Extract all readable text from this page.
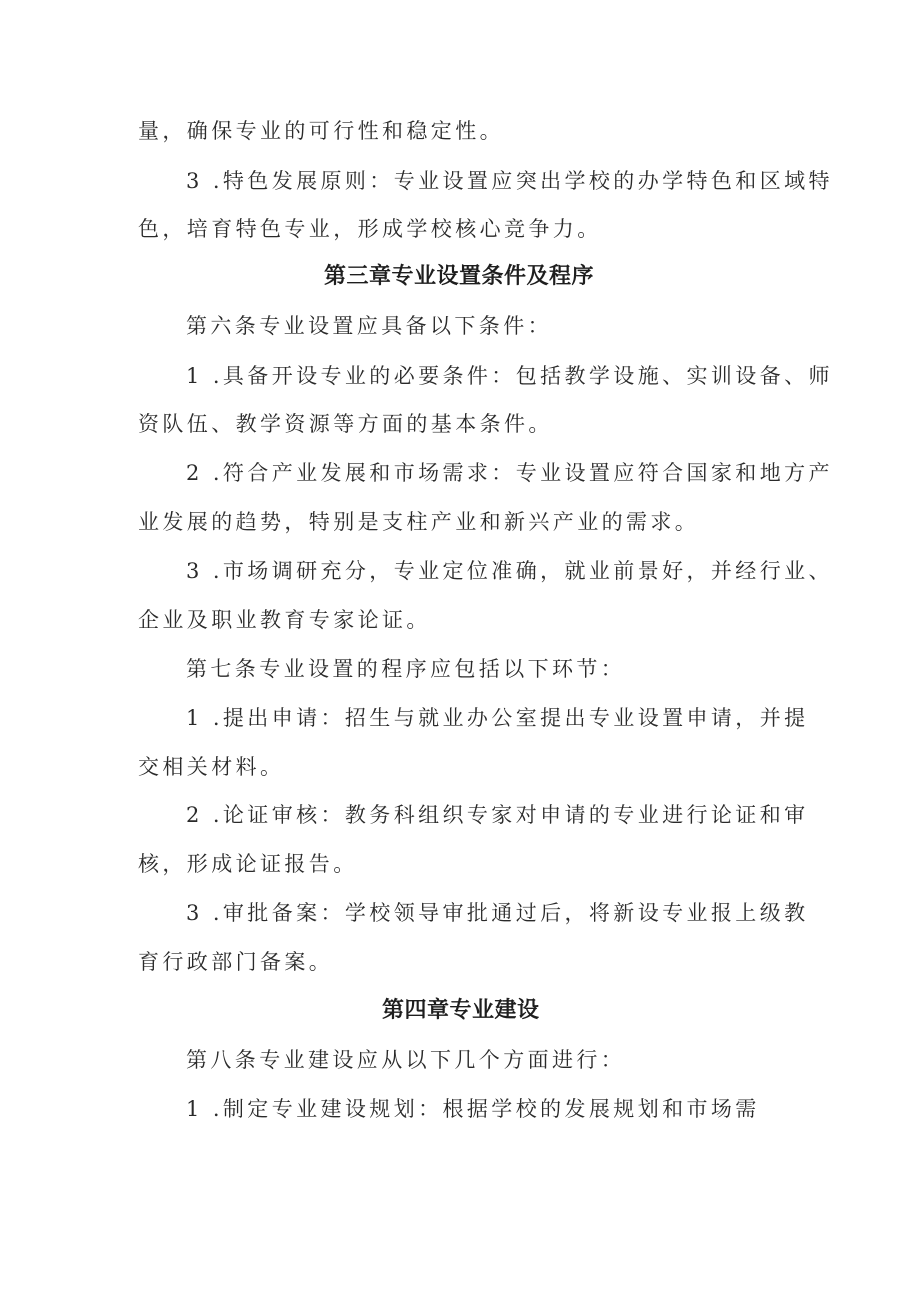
量，确保专业的可行性和稳定性。
3 .特色发展原则：专业设置应突出学校的办学特色和区域特
色，培育特色专业，形成学校核心竞争力。
第三章专业设置条件及程序
第六条专业设置应具备以下条件：
1 .具备开设专业的必要条件：包括教学设施、实训设备、师
资队伍、教学资源等方面的基本条件。
2 .符合产业发展和市场需求：专业设置应符合国家和地方产
业发展的趋势，特别是支柱产业和新兴产业的需求。
3 .市场调研充分，专业定位准确，就业前景好，并经行业、
企业及职业教育专家论证。
第七条专业设置的程序应包括以下环节：
1 .提出申请：招生与就业办公室提出专业设置申请，并提
交相关材料。
2 .论证审核：教务科组织专家对申请的专业进行论证和审
核，形成论证报告。
3 .审批备案：学校领导审批通过后，将新设专业报上级教
育行政部门备案。
第四章专业建设
第八条专业建设应从以下几个方面进行：
1 .制定专业建设规划：根据学校的发展规划和市场需
